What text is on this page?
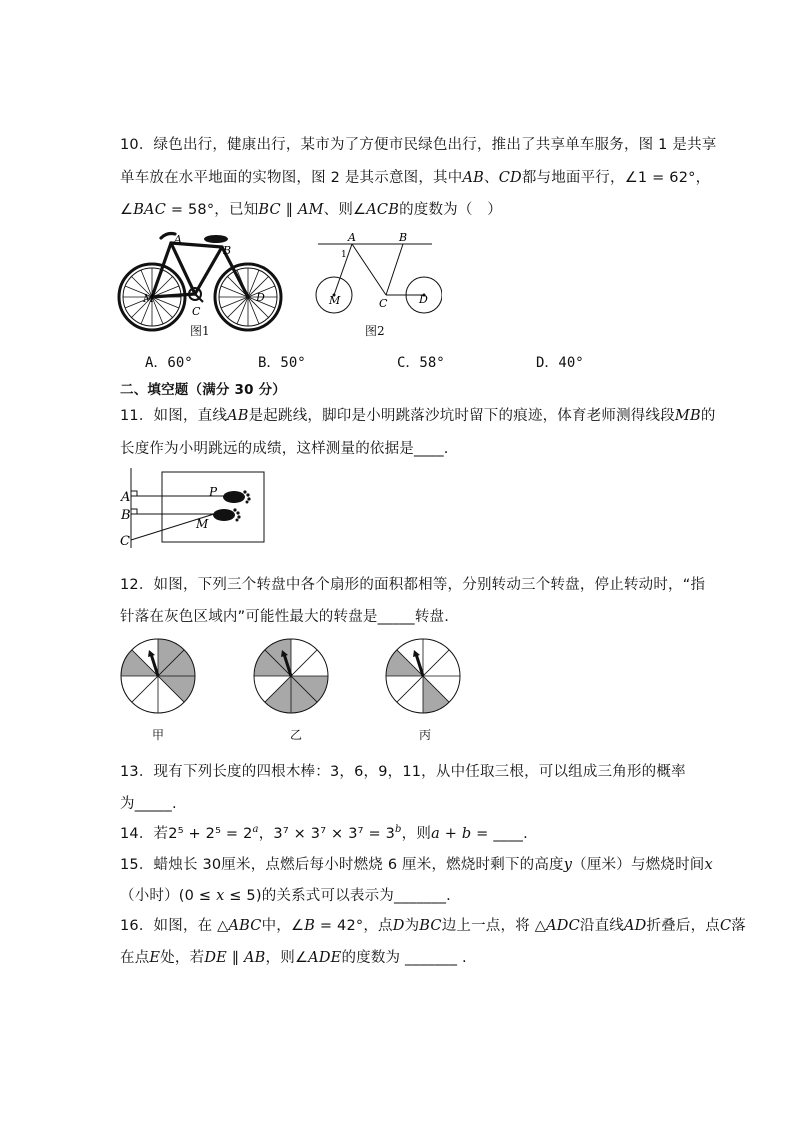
10．绿色出行，健康出行，某市为了方便市民绿色出行，推出了共享单车服务，图 1 是共享
单车放在水平地面的实物图，图 2 是其示意图，其中AB、CD都与地面平行，∠1 = 62°，
∠BAC = 58°，已知BC ∥ AM、则∠ACB的度数为（　）
A
B
C
D
M
图1
A	B
1
C	D
M
图2
A．60°	B．50°	C．58°	D．40°
二、填空题（满分 30 分）
11．如图，直线AB是起跳线，脚印是小明跳落沙坑时留下的痕迹，体育老师测得线段MB的
长度作为小明跳远的成绩，这样测量的依据是____.
A
B
C
P
M
12．如图，下列三个转盘中各个扇形的面积都相等，分别转动三个转盘，停止转动时，“指
针落在灰色区域内”可能性最大的转盘是_____转盘.
甲	乙	丙
13．现有下列长度的四根木棒：3，6，9，11，从中任取三根，可以组成三角形的概率
为_____.
14．若$2^5 + 2^5 = 2^a$，$3^7 \times 3^7 \times 3^7 = 3^b$，则a + b = ____.
15．蜡烛长 30厘米，点燃后每小时燃烧 6 厘米，燃烧时剩下的高度y（厘米）与燃烧时间x
（小时）(0 ≤ x ≤ 5)的关系式可以表示为_______.
16．如图，在 △ABC中，∠B = 42°，点D为BC边上一点，将 △ADC沿直线AD折叠后，点C落
在点E处，若DE ∥ AB，则∠ADE的度数为 _______ .
